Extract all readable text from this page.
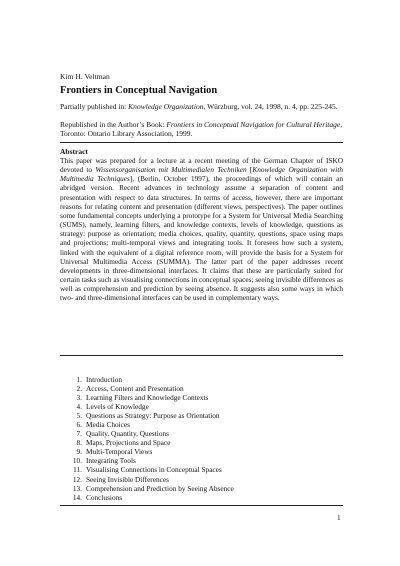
Kim H. Veltman
Frontiers in Conceptual Navigation
Partially published in: Knowledge Organization, Würzburg, vol. 24, 1998, n. 4, pp. 225-245.
Republished in the Author’s Book: Frontiers in Conceptual Navigation for Cultural Heritage, Toronto: Ontario Library Association, 1999.
Abstract
This paper was prepared for a lecture at a recent meeting of the German Chapter of ISKO devoted to Wissensorganisation mit Multimedialen Techniken [Knowledge Organization with Multimedia Techniques], (Berlin, October 1997), the proceedings of which will contain an abridged version. Recent advances in technology assume a separation of content and presentation with respect to data structures. In terms of access, however, there are important reasons for relating content and presentation (different views, perspectives). The paper outlines some fundamental concepts underlying a prototype for a System for Universal Media Searching (SUMS), namely, learning filters, and knowledge contexts, levels of knowledge, questions as strategy: purpose as orientation; media choices, quality, quantity, questions, space using maps and projections; multi-temporal views and integrating tools. It foresees how such a system, linked with the equivalent of a digital reference room, will provide the basis for a System for Universal Multimedia Access (SUMMA). The latter part of the paper addresses recent developments in three-dimensional interfaces. It claims that these are particularly suited for certain tasks such as visualising connections in conceptual spaces; seeing invisible differences as well as comprehension and prediction by seeing absence. It suggests also some ways in which two- and three-dimensional interfaces can be used in complementary ways.
1. Introduction
2. Access, Content and Presentation
3. Learning Filters and Knowledge Contexts
4. Levels of Knowledge
5. Questions as Strategy: Purpose as Orientation
6. Media Choices
7. Quality, Quantity, Questions
8. Maps, Projections and Space
9. Multi-Temporal Views
10. Integrating Tools
11. Visualising Connections in Conceptual Spaces
12. Seeing Invisible Differences
13. Comprehension and Prediction by Seeing Absence
14. Conclusions
1
